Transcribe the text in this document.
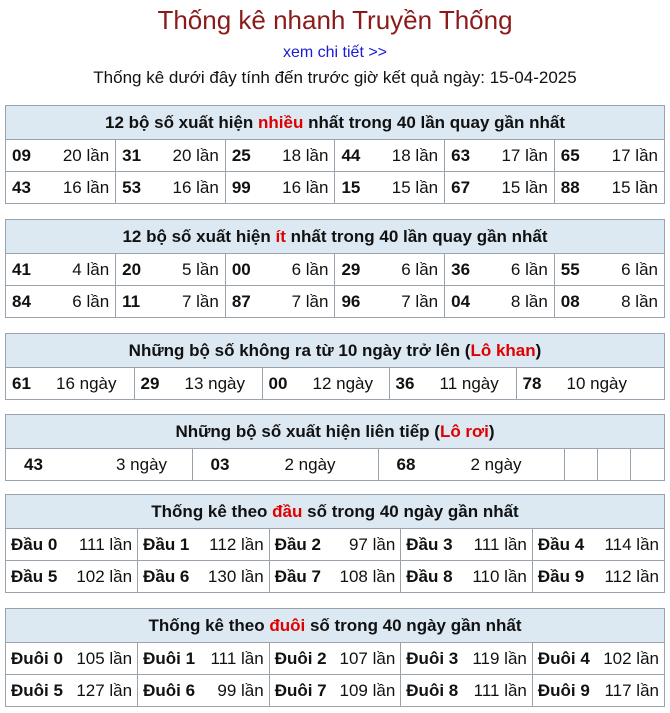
Thống kê nhanh Truyền Thống
xem chi tiết >>
Thống kê dưới đây tính đến trước giờ kết quả ngày: 15-04-2025
12 bộ số xuất hiện nhiều nhất trong 40 lần quay gần nhất
09 20 lần	31 20 lần	25 18 lần	44 18 lần	63 17 lần	65 17 lần

43 16 lần	53 16 lần	99 16 lần	15 15 lần	67 15 lần	88 15 lần
12 bộ số xuất hiện ít nhất trong 40 lần quay gần nhất
41 4 lần	20 5 lần	00 6 lần	29 6 lần	36 6 lần	55 6 lần

84 6 lần	11 7 lần	87 7 lần	96 7 lần	04 8 lần	08 8 lần
Những bộ số không ra từ 10 ngày trở lên (Lô khan)
61 16 ngày	29 13 ngày	00 12 ngày	36 11 ngày	78 10 ngày
Những bộ số xuất hiện liên tiếp (Lô rơi)
43	3 ngày	03	2 ngày	68	2 ngày			
Thống kê theo đầu số trong 40 ngày gần nhất
Đầu 0 111 lần	Đầu 1 112 lần	Đầu 2 97 lần	Đầu 3 111 lần	Đầu 4 114 lần

Đầu 5 102 lần	Đầu 6 130 lần	Đầu 7 108 lần	Đầu 8 110 lần	Đầu 9 112 lần
Thống kê theo đuôi số trong 40 ngày gần nhất
Đuôi 0 105 lần	Đuôi 1 111 lần	Đuôi 2 107 lần	Đuôi 3 119 lần	Đuôi 4 102 lần

Đuôi 5 127 lần	Đuôi 6 99 lần	Đuôi 7 109 lần	Đuôi 8 111 lần	Đuôi 9 117 lần
